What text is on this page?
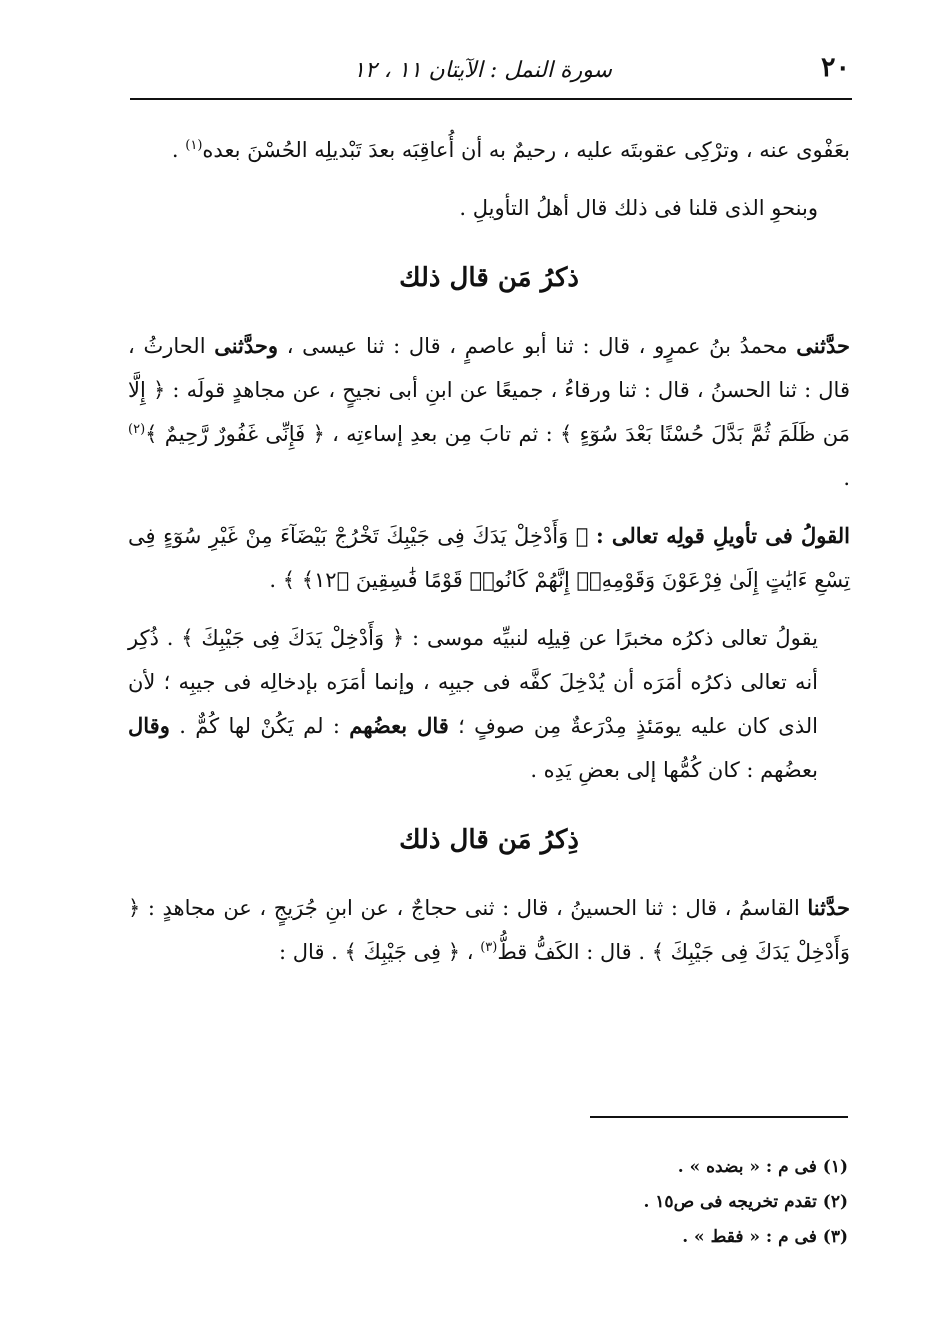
٢٠
سورة النمل : الآيتان ١١ ، ١٢

بعَفْوى عنه ، وترْكِى عقوبتَه عليه ، رحيمٌ به أن أُعاقِبَه بعدَ تَبْديلِه الحُسْنَ بعده$^{(١)}$ .

وبنحوِ الذى قلنا فى ذلك قال أهلُ التأويلِ .

ذكرُ مَن قال ذلك

حدَّثنى محمدُ بنُ عمرٍو ، قال : ثنا أبو عاصمٍ ، قال : ثنا عيسى ، وحدَّثنى الحارثُ ، قال : ثنا الحسنُ ، قال : ثنا ورقاءُ ، جميعًا عن ابنِ أبى نجيحٍ ، عن مجاهدٍ قولَه : ﴿ إِلَّا مَن ظَلَمَ ثُمَّ بَدَّلَ حُسْنًا بَعْدَ سُوٓءٍ ﴾ : ثم تابَ مِن بعدِ إساءتِه ، ﴿ فَإِنِّى غَفُورٌ رَّحِيمٌ ﴾$^{(٢)}$ .

القولُ فى تأويلِ قولِه تعالى : ﴿ وَأَدْخِلْ يَدَكَ فِى جَيْبِكَ تَخْرُجْ بَيْضَآءَ مِنْ غَيْرِ سُوٓءٍ فِى تِسْعِ ءَايَٰتٍ إِلَىٰ فِرْعَوْنَ وَقَوْمِهِۦٓ إِنَّهُمْ كَانُوا۟ قَوْمًا فَٰسِقِينَ ﴿١٢﴾ ﴾ .

يقولُ تعالى ذكرُه مخبرًا عن قِيلِه لنبيِّه موسى : ﴿ وَأَدْخِلْ يَدَكَ فِى جَيْبِكَ ﴾ . ذُكِر أنه تعالى ذكرُه أمَرَه أن يُدْخِلَ كفَّه فى جيبِه ، وإنما أمَرَه بإدخالِه فى جيبِه ؛ لأن الذى كان عليه يومَئذٍ مِدْرَعةٌ مِن صوفٍ ؛ قال بعضُهم : لم يَكُنْ لها كُمٌّ . وقال بعضُهم : كان كُمُّها إلى بعضِ يَدِه .

ذِكرُ مَن قال ذلك

حدَّثنا القاسمُ ، قال : ثنا الحسينُ ، قال : ثنى حجاجٌ ، عن ابنِ جُرَيجٍ ، عن مجاهدٍ : ﴿ وَأَدْخِلْ يَدَكَ فِى جَيْبِكَ ﴾ . قال : الكَفُّ قطُّ$^{(٣)}$ ، ﴿ فِى جَيْبِكَ ﴾ . قال :

(١) فى م : « بضده » .

(٢) تقدم تخريجه فى ص١٥ .

(٣) فى م : « فقط » .
